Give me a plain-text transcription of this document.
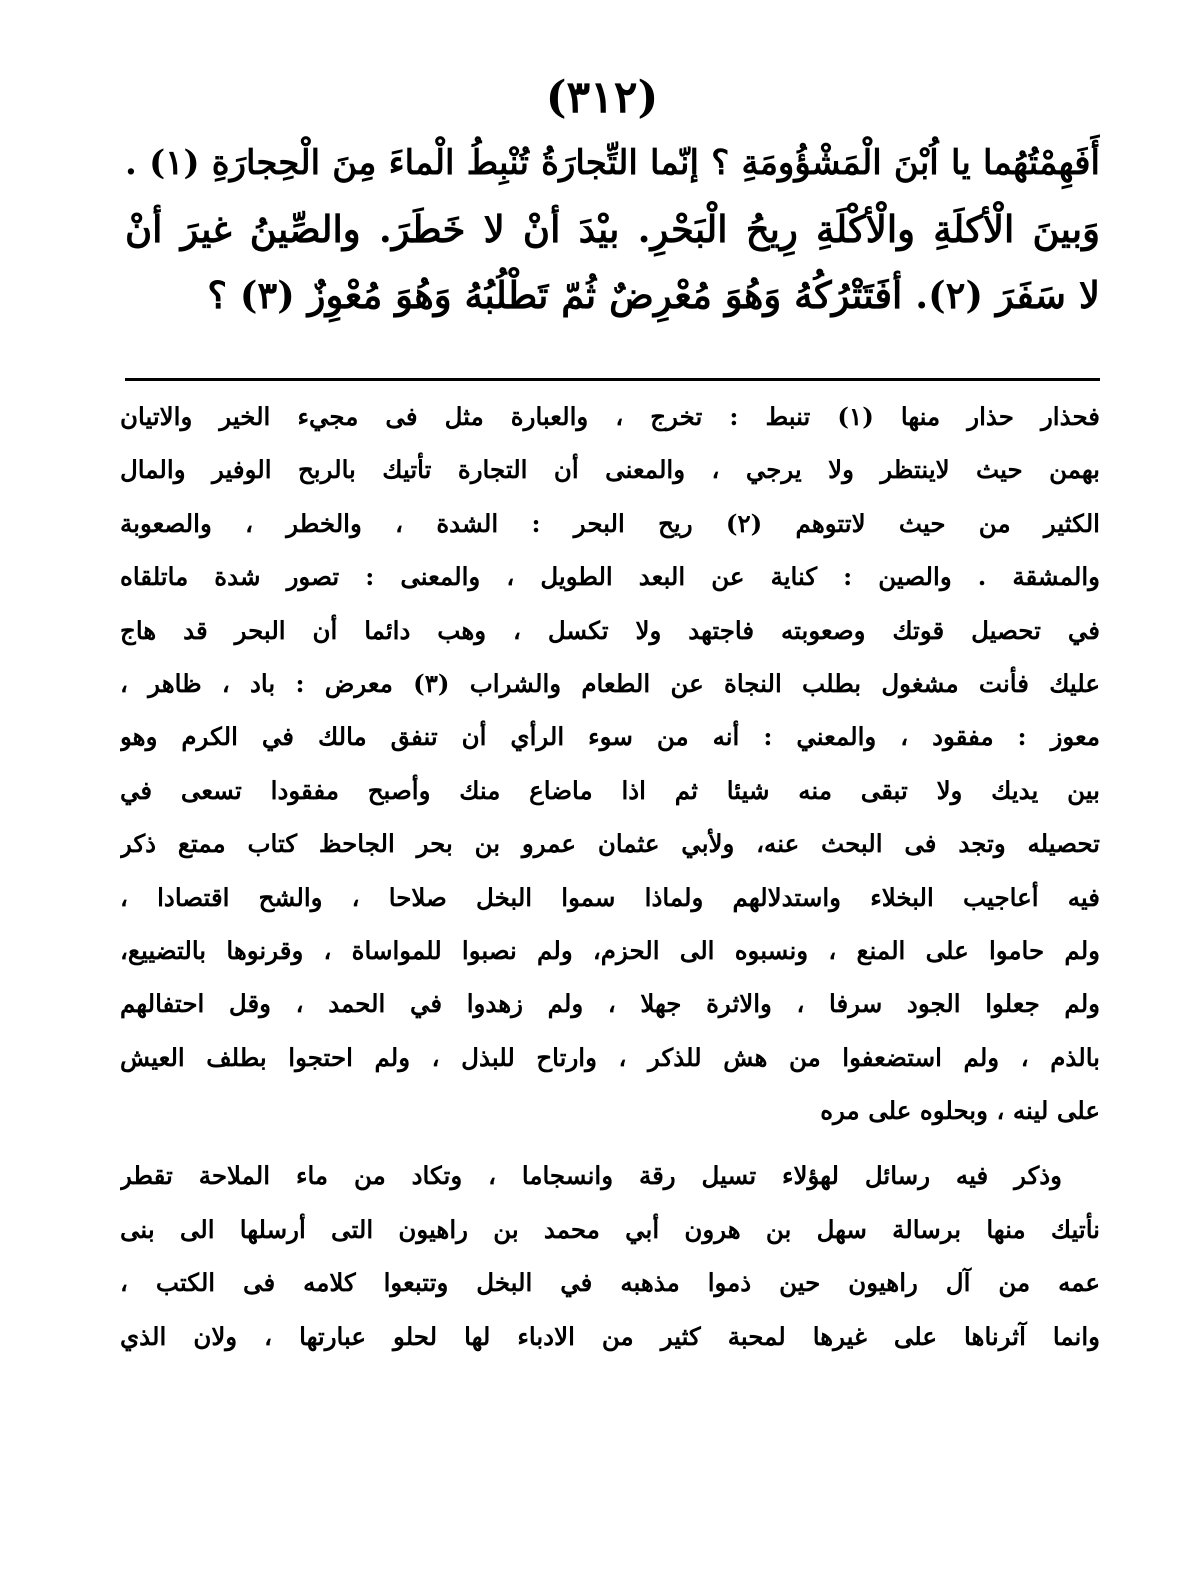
(٣١٢)
أَفَهِمْتُهُما يا اُبْنَ الْمَشْؤُومَةِ ؟ إنّما التِّجارَةُ تُنْبِطُ الْماءَ مِنَ الْحِجارَةِ (١) .
وَبينَ الْأكلَةِ والْأكْلَةِ رِيحُ الْبَحْرِ. بيْدَ أنْ لا خَطَرَ. والصِّينُ غيرَ أنْ
لا سَفَرَ (٢). أفَتَتْرُكُهُ وَهُوَ مُعْرِضٌ ثُمّ تَطْلُبُهُ وَهُوَ مُعْوِزٌ (٣) ؟
فحذار حذار منها (١) تنبط : تخرج ، والعبارة مثل فى مجيء الخير والاتيان
بهمن حيث لاينتظر ولا يرجي ، والمعنى أن التجارة تأتيك بالربح الوفير والمال
الكثير من حيث لاتتوهم (٢) ريح البحر : الشدة ، والخطر ، والصعوبة
والمشقة . والصين : كناية عن البعد الطويل ، والمعنى : تصور شدة ماتلقاه
في تحصيل قوتك وصعوبته فاجتهد ولا تكسل ، وهب دائما أن البحر قد هاج
عليك فأنت مشغول بطلب النجاة عن الطعام والشراب (٣) معرض : باد ، ظاهر ،
معوز : مفقود ، والمعني : أنه من سوء الرأي أن تنفق مالك في الكرم وهو
بين يديك ولا تبقى منه شيئا ثم اذا ماضاع منك وأصبح مفقودا تسعى في
تحصيله وتجد فى البحث عنه، ولأبي عثمان عمرو بن بحر الجاحظ كتاب ممتع ذكر
فيه أعاجيب البخلاء واستدلالهم ولماذا سموا البخل صلاحا ، والشح اقتصادا ،
ولم حاموا على المنع ، ونسبوه الى الحزم، ولم نصبوا للمواساة ، وقرنوها بالتضييع،
ولم جعلوا الجود سرفا ، والاثرة جهلا ، ولم زهدوا في الحمد ، وقل احتفالهم
بالذم ، ولم استضعفوا من هش للذكر ، وارتاح للبذل ، ولم احتجوا بطلف العيش
على لينه ، وبحلوه على مره
وذكر فيه رسائل لهؤلاء تسيل رقة وانسجاما ، وتكاد من ماء الملاحة تقطر
نأتيك منها برسالة سهل بن هرون أبي محمد بن راهيون التى أرسلها الى بنى
عمه من آل راهيون حين ذموا مذهبه في البخل وتتبعوا كلامه فى الكتب ،
وانما آثرناها على غيرها لمحبة كثير من الادباء لها لحلو عبارتها ، ولان الذي
